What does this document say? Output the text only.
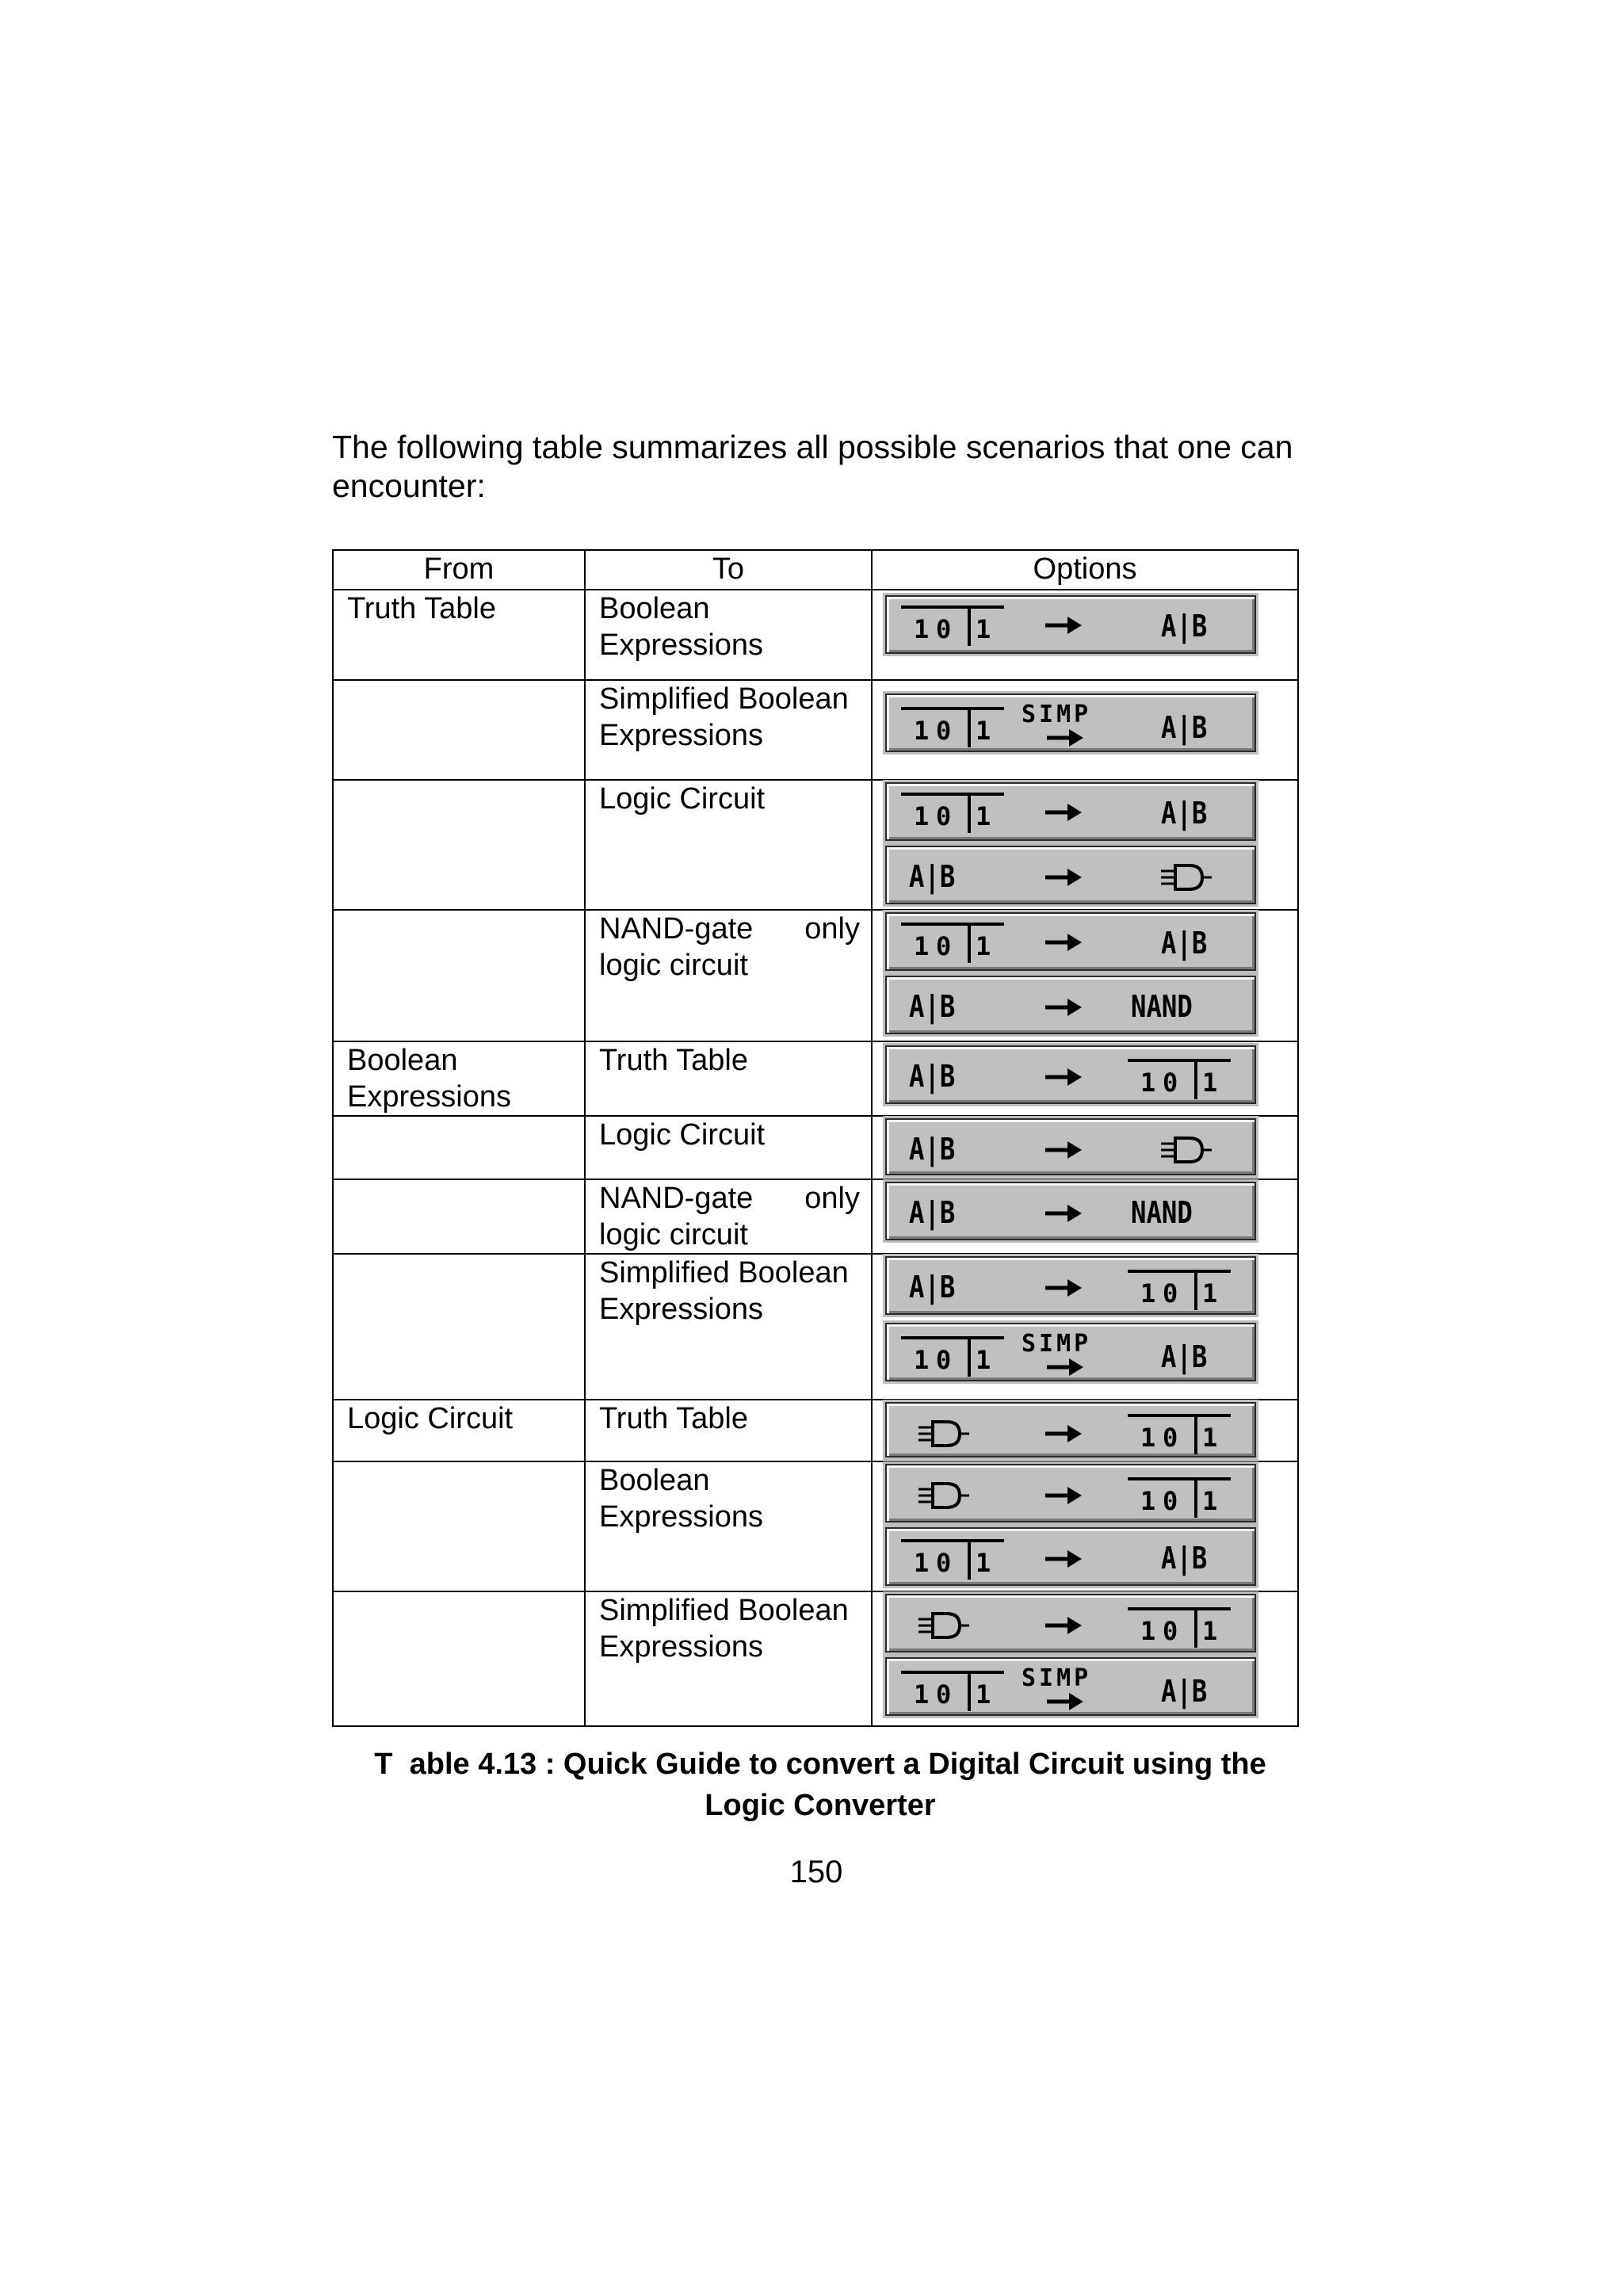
The following table summarizes all possible scenarios that one can encounter:

From	To	Options

Truth Table	Boolean Expressions

	Simplified Boolean Expressions

	Logic Circuit

	NAND-gate only logic circuit

Boolean Expressions	Truth Table

	Logic Circuit

	NAND-gate only logic circuit

	Simplified Boolean Expressions

Logic Circuit	Truth Table

	Boolean Expressions

	Simplified Boolean Expressions

T  able 4.13 : Quick Guide to convert a Digital Circuit using the
Logic Converter

150
